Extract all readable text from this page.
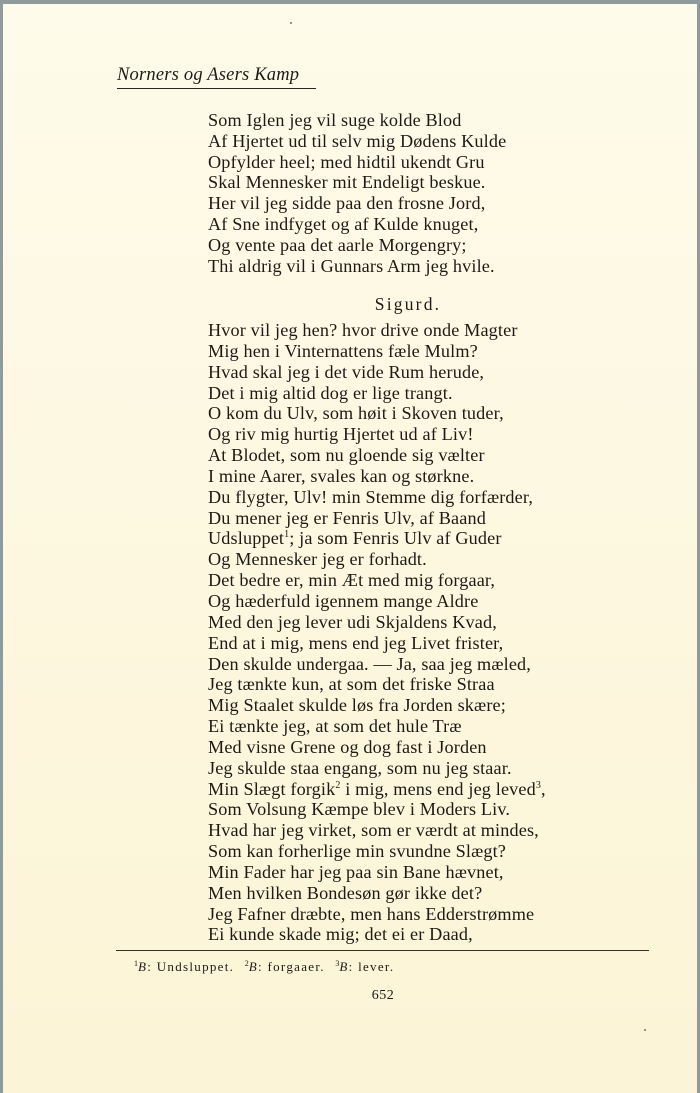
Norners og Asers Kamp
Som Iglen jeg vil suge kolde Blod
Af Hjertet ud til selv mig Dødens Kulde
Opfylder heel; med hidtil ukendt Gru
Skal Mennesker mit Endeligt beskue.
Her vil jeg sidde paa den frosne Jord,
Af Sne indfyget og af Kulde knuget,
Og vente paa det aarle Morgengry;
Thi aldrig vil i Gunnars Arm jeg hvile.
Sigurd.
Hvor vil jeg hen? hvor drive onde Magter
Mig hen i Vinternattens fæle Mulm?
Hvad skal jeg i det vide Rum herude,
Det i mig altid dog er lige trangt.
O kom du Ulv, som høit i Skoven tuder,
Og riv mig hurtig Hjertet ud af Liv!
At Blodet, som nu gloende sig vælter
I mine Aarer, svales kan og størkne.
Du flygter, Ulv! min Stemme dig forfærder,
Du mener jeg er Fenris Ulv, af Baand
Udsluppet$^1$; ja som Fenris Ulv af Guder
Og Mennesker jeg er forhadt.
Det bedre er, min Æt med mig forgaar,
Og hæderfuld igennem mange Aldre
Med den jeg lever udi Skjaldens Kvad,
End at i mig, mens end jeg Livet frister,
Den skulde undergaa. — Ja, saa jeg mæled,
Jeg tænkte kun, at som det friske Straa
Mig Staalet skulde løs fra Jorden skære;
Ei tænkte jeg, at som det hule Træ
Med visne Grene og dog fast i Jorden
Jeg skulde staa engang, som nu jeg staar.
Min Slægt forgik$^2$ i mig, mens end jeg leved$^3$,
Som Volsung Kæmpe blev i Moders Liv.
Hvad har jeg virket, som er værdt at mindes,
Som kan forherlige min svundne Slægt?
Min Fader har jeg paa sin Bane hævnet,
Men hvilken Bondesøn gør ikke det?
Jeg Fafner dræbte, men hans Edderstrømme
Ei kunde skade mig; det ei er Daad,

$^1$B: Undsluppet. $^2$B: forgaaer. $^3$B: lever.

652
